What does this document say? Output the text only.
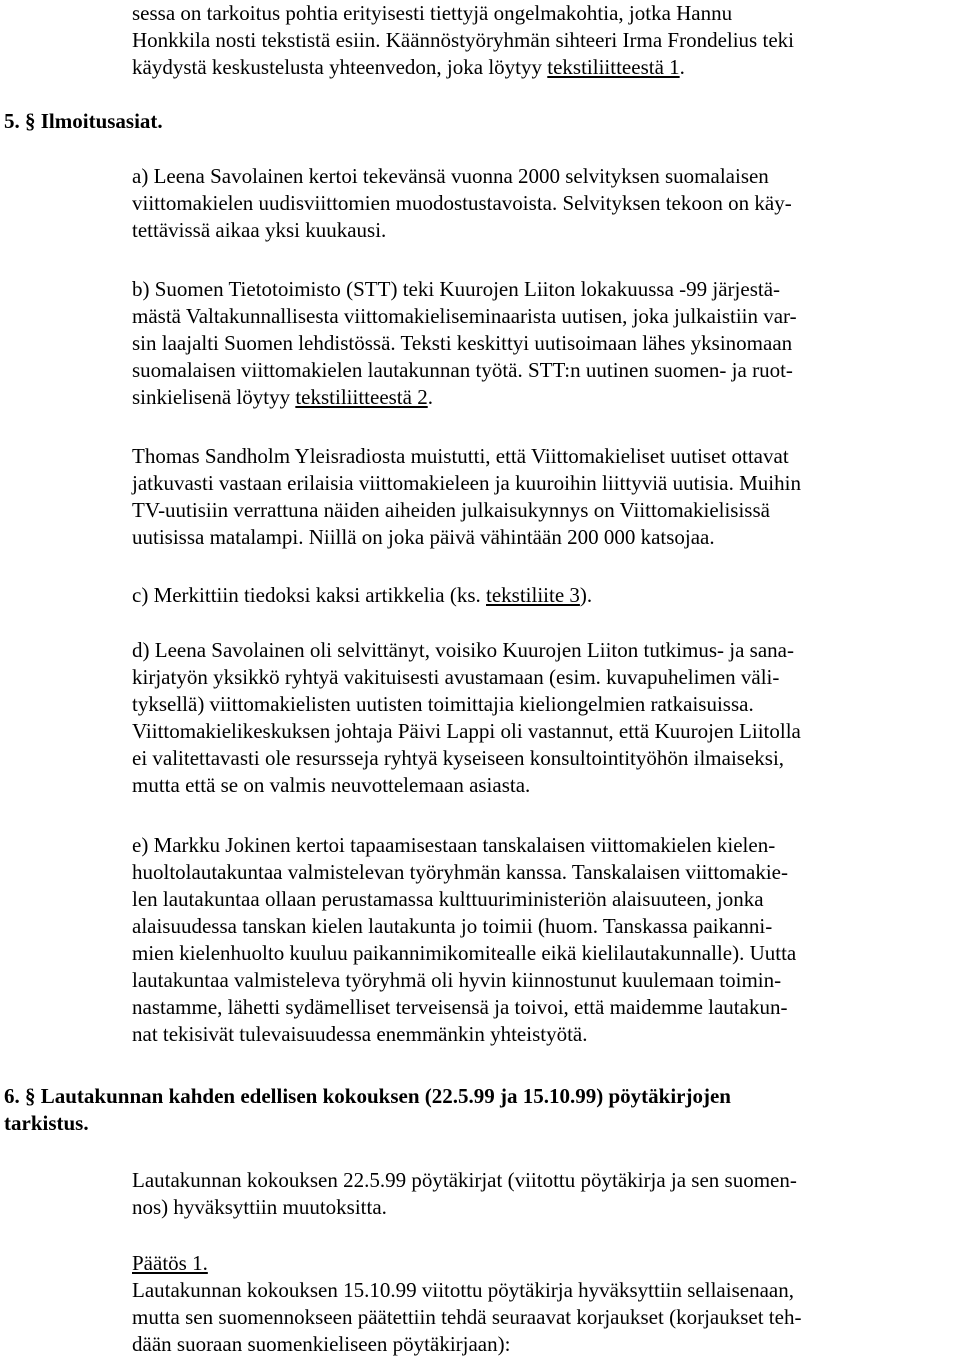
sessa on tarkoitus pohtia erityisesti tiettyjä ongelmakohtia, jotka Hannu
Honkkila nosti tekstistä esiin. Käännöstyöryhmän sihteeri Irma Frondelius teki
käydystä keskustelusta yhteenvedon, joka löytyy tekstiliitteestä 1.
5. § Ilmoitusasiat.
a) Leena Savolainen kertoi tekevänsä vuonna 2000 selvityksen suomalaisen
viittomakielen uudisviittomien muodostustavoista. Selvityksen tekoon on käy-
tettävissä aikaa yksi kuukausi.
b) Suomen Tietotoimisto (STT) teki Kuurojen Liiton lokakuussa -99 järjestä-
mästä Valtakunnallisesta viittomakieliseminaarista uutisen, joka julkaistiin var-
sin laajalti Suomen lehdistössä. Teksti keskittyi uutisoimaan lähes yksinomaan
suomalaisen viittomakielen lautakunnan työtä. STT:n uutinen suomen- ja ruot-
sinkielisenä löytyy tekstiliitteestä 2.
Thomas Sandholm Yleisradiosta muistutti, että Viittomakieliset uutiset ottavat
jatkuvasti vastaan erilaisia viittomakieleen ja kuuroihin liittyviä uutisia. Muihin
TV-uutisiin verrattuna näiden aiheiden julkaisukynnys on Viittomakielisissä
uutisissa matalampi. Niillä on joka päivä vähintään 200 000 katsojaa.
c) Merkittiin tiedoksi kaksi artikkelia (ks. tekstiliite 3).
d) Leena Savolainen oli selvittänyt, voisiko Kuurojen Liiton tutkimus- ja sana-
kirjatyön yksikkö ryhtyä vakituisesti avustamaan (esim. kuvapuhelimen väli-
tyksellä) viittomakielisten uutisten toimittajia kieliongelmien ratkaisuissa.
Viittomakielikeskuksen johtaja Päivi Lappi oli vastannut, että Kuurojen Liitolla
ei valitettavasti ole resursseja ryhtyä kyseiseen konsultointityöhön ilmaiseksi,
mutta että se on valmis neuvottelemaan asiasta.
e) Markku Jokinen kertoi tapaamisestaan tanskalaisen viittomakielen kielen-
huoltolautakuntaa valmistelevan työryhmän kanssa. Tanskalaisen viittomakie-
len lautakuntaa ollaan perustamassa kulttuuriministeriön alaisuuteen, jonka
alaisuudessa tanskan kielen lautakunta jo toimii (huom. Tanskassa paikanni-
mien kielenhuolto kuuluu paikannimikomitealle eikä kielilautakunnalle). Uutta
lautakuntaa valmisteleva työryhmä oli hyvin kiinnostunut kuulemaan toimin-
nastamme, lähetti sydämelliset terveisensä ja toivoi, että maidemme lautakun-
nat tekisivät tulevaisuudessa enemmänkin yhteistyötä.
6. § Lautakunnan kahden edellisen kokouksen (22.5.99 ja 15.10.99) pöytäkirjojen
tarkistus.
Lautakunnan kokouksen 22.5.99 pöytäkirjat (viitottu pöytäkirja ja sen suomen-
nos) hyväksyttiin muutoksitta.
Päätös 1.
Lautakunnan kokouksen 15.10.99 viitottu pöytäkirja hyväksyttiin sellaisenaan,
mutta sen suomennokseen päätettiin tehdä seuraavat korjaukset (korjaukset teh-
dään suoraan suomenkieliseen pöytäkirjaan):
